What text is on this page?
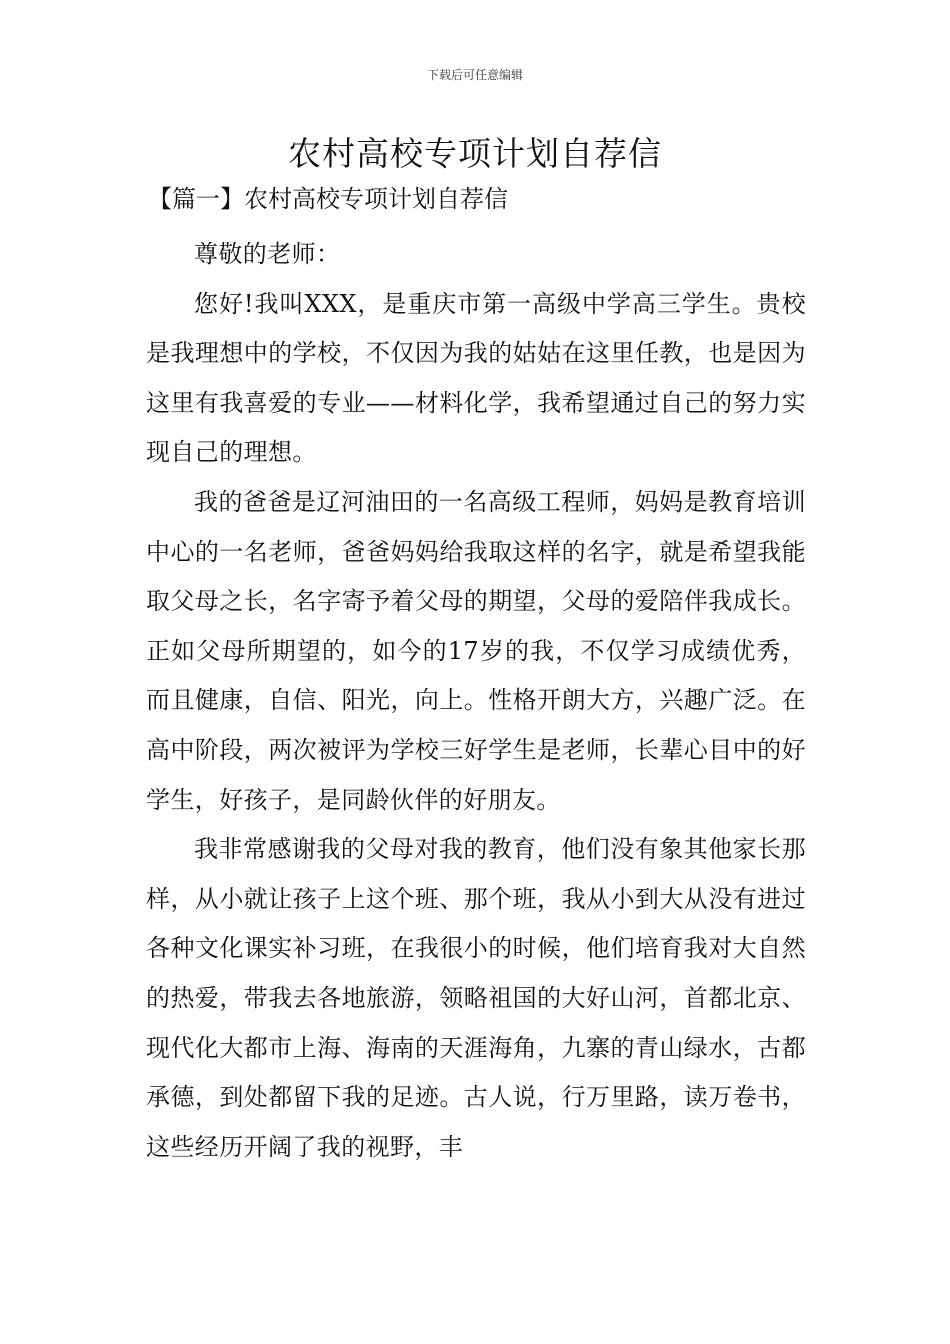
下载后可任意编辑
农村高校专项计划自荐信
【篇一】农村高校专项计划自荐信

尊敬的老师：

您好!我叫XXX，是重庆市第一高级中学高三学生。贵校是我理想中的学校，不仅因为我的姑姑在这里任教，也是因为这里有我喜爱的专业——材料化学，我希望通过自己的努力实现自己的理想。

我的爸爸是辽河油田的一名高级工程师，妈妈是教育培训中心的一名老师，爸爸妈妈给我取这样的名字，就是希望我能取父母之长，名字寄予着父母的期望，父母的爱陪伴我成长。正如父母所期望的，如今的17岁的我，不仅学习成绩优秀，而且健康，自信、阳光，向上。性格开朗大方，兴趣广泛。在高中阶段，两次被评为学校三好学生是老师，长辈心目中的好学生，好孩子，是同龄伙伴的好朋友。

我非常感谢我的父母对我的教育，他们没有象其他家长那样，从小就让孩子上这个班、那个班，我从小到大从没有进过各种文化课实补习班，在我很小的时候，他们培育我对大自然的热爱，带我去各地旅游，领略祖国的大好山河，首都北京、现代化大都市上海、海南的天涯海角，九寨的青山绿水，古都承德，到处都留下我的足迹。古人说，行万里路，读万卷书，这些经历开阔了我的视野，丰
